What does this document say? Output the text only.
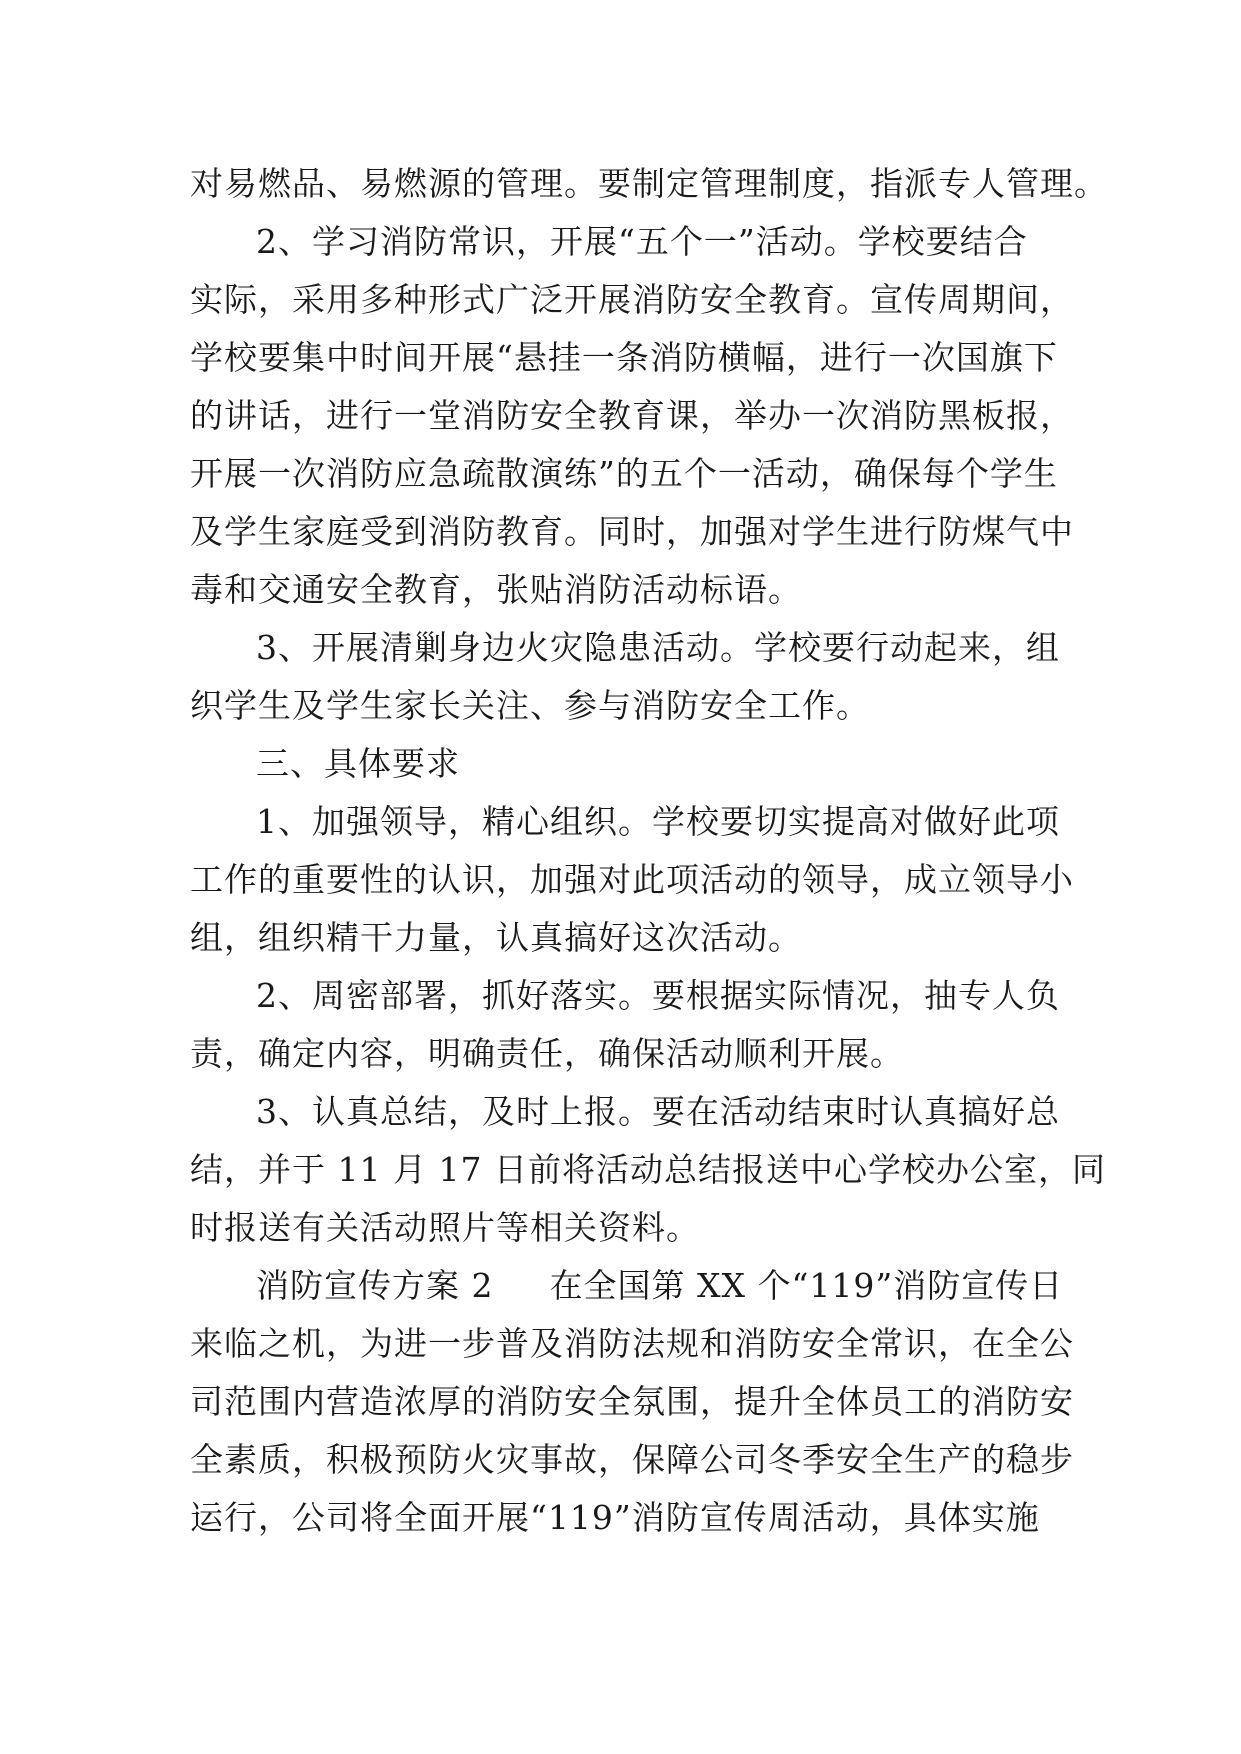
对易燃品、易燃源的管理。要制定管理制度，指派专人管理。
2、学习消防常识，开展“五个一”活动。学校要结合
实际，采用多种形式广泛开展消防安全教育。宣传周期间，
学校要集中时间开展“悬挂一条消防横幅，进行一次国旗下
的讲话，进行一堂消防安全教育课，举办一次消防黑板报，
开展一次消防应急疏散演练”的五个一活动，确保每个学生
及学生家庭受到消防教育。同时，加强对学生进行防煤气中
毒和交通安全教育，张贴消防活动标语。
3、开展清剿身边火灾隐患活动。学校要行动起来，组
织学生及学生家长关注、参与消防安全工作。
三、具体要求
1、加强领导，精心组织。学校要切实提高对做好此项
工作的重要性的认识，加强对此项活动的领导，成立领导小
组，组织精干力量，认真搞好这次活动。
2、周密部署，抓好落实。要根据实际情况，抽专人负
责，确定内容，明确责任，确保活动顺利开展。
3、认真总结，及时上报。要在活动结束时认真搞好总
结，并于 11 月 17 日前将活动总结报送中心学校办公室，同
时报送有关活动照片等相关资料。
消防宣传方案 2 在全国第 XX 个“119”消防宣传日
来临之机，为进一步普及消防法规和消防安全常识，在全公
司范围内营造浓厚的消防安全氛围，提升全体员工的消防安
全素质，积极预防火灾事故，保障公司冬季安全生产的稳步
运行，公司将全面开展“119”消防宣传周活动，具体实施
